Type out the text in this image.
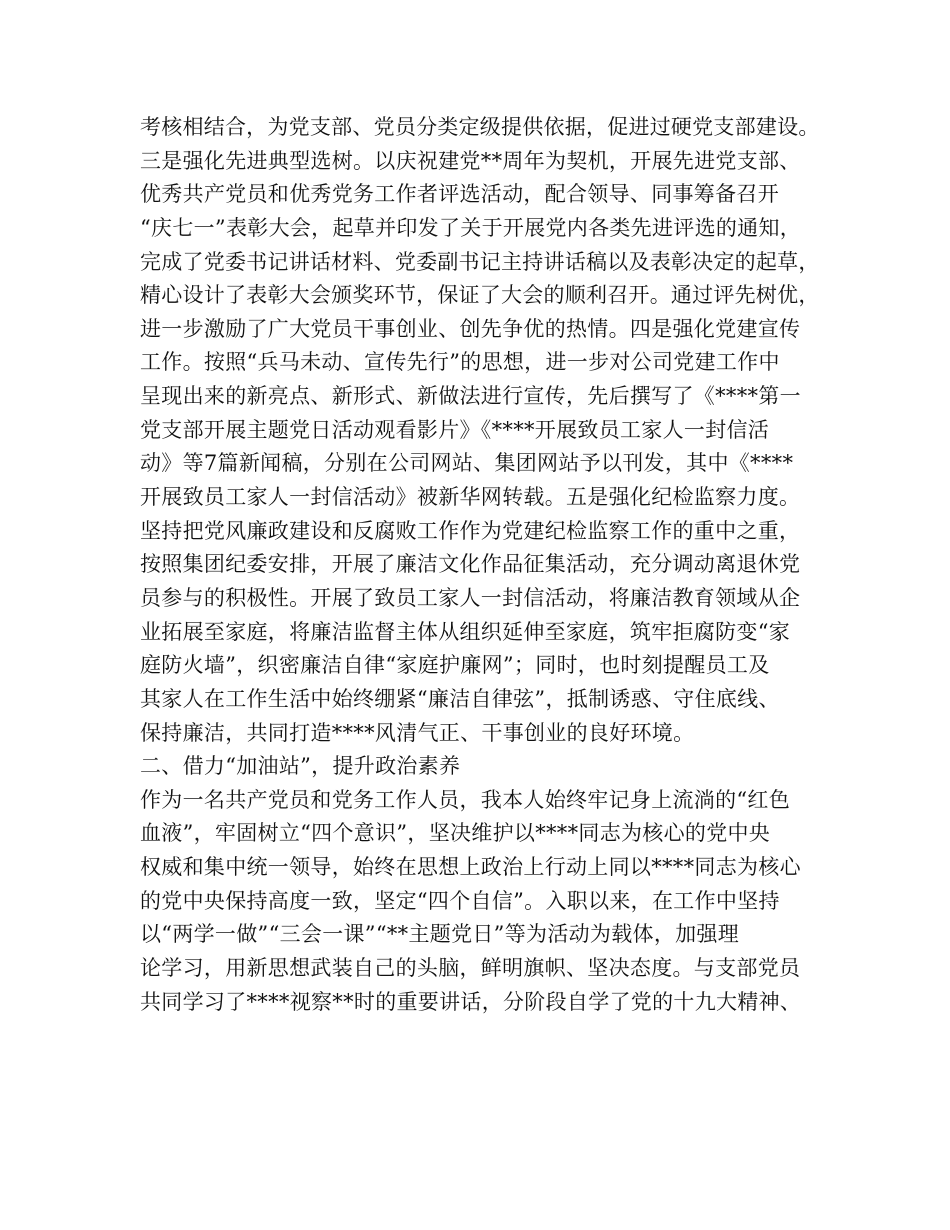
考核相结合，为党支部、党员分类定级提供依据，促进过硬党支部建设。
三是强化先进典型选树。以庆祝建党**周年为契机，开展先进党支部、
优秀共产党员和优秀党务工作者评选活动，配合领导、同事筹备召开
“庆七一”表彰大会，起草并印发了关于开展党内各类先进评选的通知，
完成了党委书记讲话材料、党委副书记主持讲话稿以及表彰决定的起草，
精心设计了表彰大会颁奖环节，保证了大会的顺利召开。通过评先树优，
进一步激励了广大党员干事创业、创先争优的热情。四是强化党建宣传
工作。按照“兵马未动、宣传先行”的思想，进一步对公司党建工作中
呈现出来的新亮点、新形式、新做法进行宣传，先后撰写了《****第一
党支部开展主题党日活动观看影片》《****开展致员工家人一封信活
动》等7篇新闻稿，分别在公司网站、集团网站予以刊发，其中《****
开展致员工家人一封信活动》被新华网转载。五是强化纪检监察力度。
坚持把党风廉政建设和反腐败工作作为党建纪检监察工作的重中之重，
按照集团纪委安排，开展了廉洁文化作品征集活动，充分调动离退休党
员参与的积极性。开展了致员工家人一封信活动，将廉洁教育领域从企
业拓展至家庭，将廉洁监督主体从组织延伸至家庭，筑牢拒腐防变“家
庭防火墙”，织密廉洁自律“家庭护廉网”；同时，也时刻提醒员工及
其家人在工作生活中始终绷紧“廉洁自律弦”，抵制诱惑、守住底线、
保持廉洁，共同打造****风清气正、干事创业的良好环境。
二、借力“加油站”，提升政治素养
作为一名共产党员和党务工作人员，我本人始终牢记身上流淌的“红色
血液”，牢固树立“四个意识”，坚决维护以****同志为核心的党中央
权威和集中统一领导，始终在思想上政治上行动上同以****同志为核心
的党中央保持高度一致，坚定“四个自信”。入职以来，在工作中坚持
以“两学一做”“三会一课”“**主题党日”等为活动为载体，加强理
论学习，用新思想武装自己的头脑，鲜明旗帜、坚决态度。与支部党员
共同学习了****视察**时的重要讲话，分阶段自学了党的十九大精神、
